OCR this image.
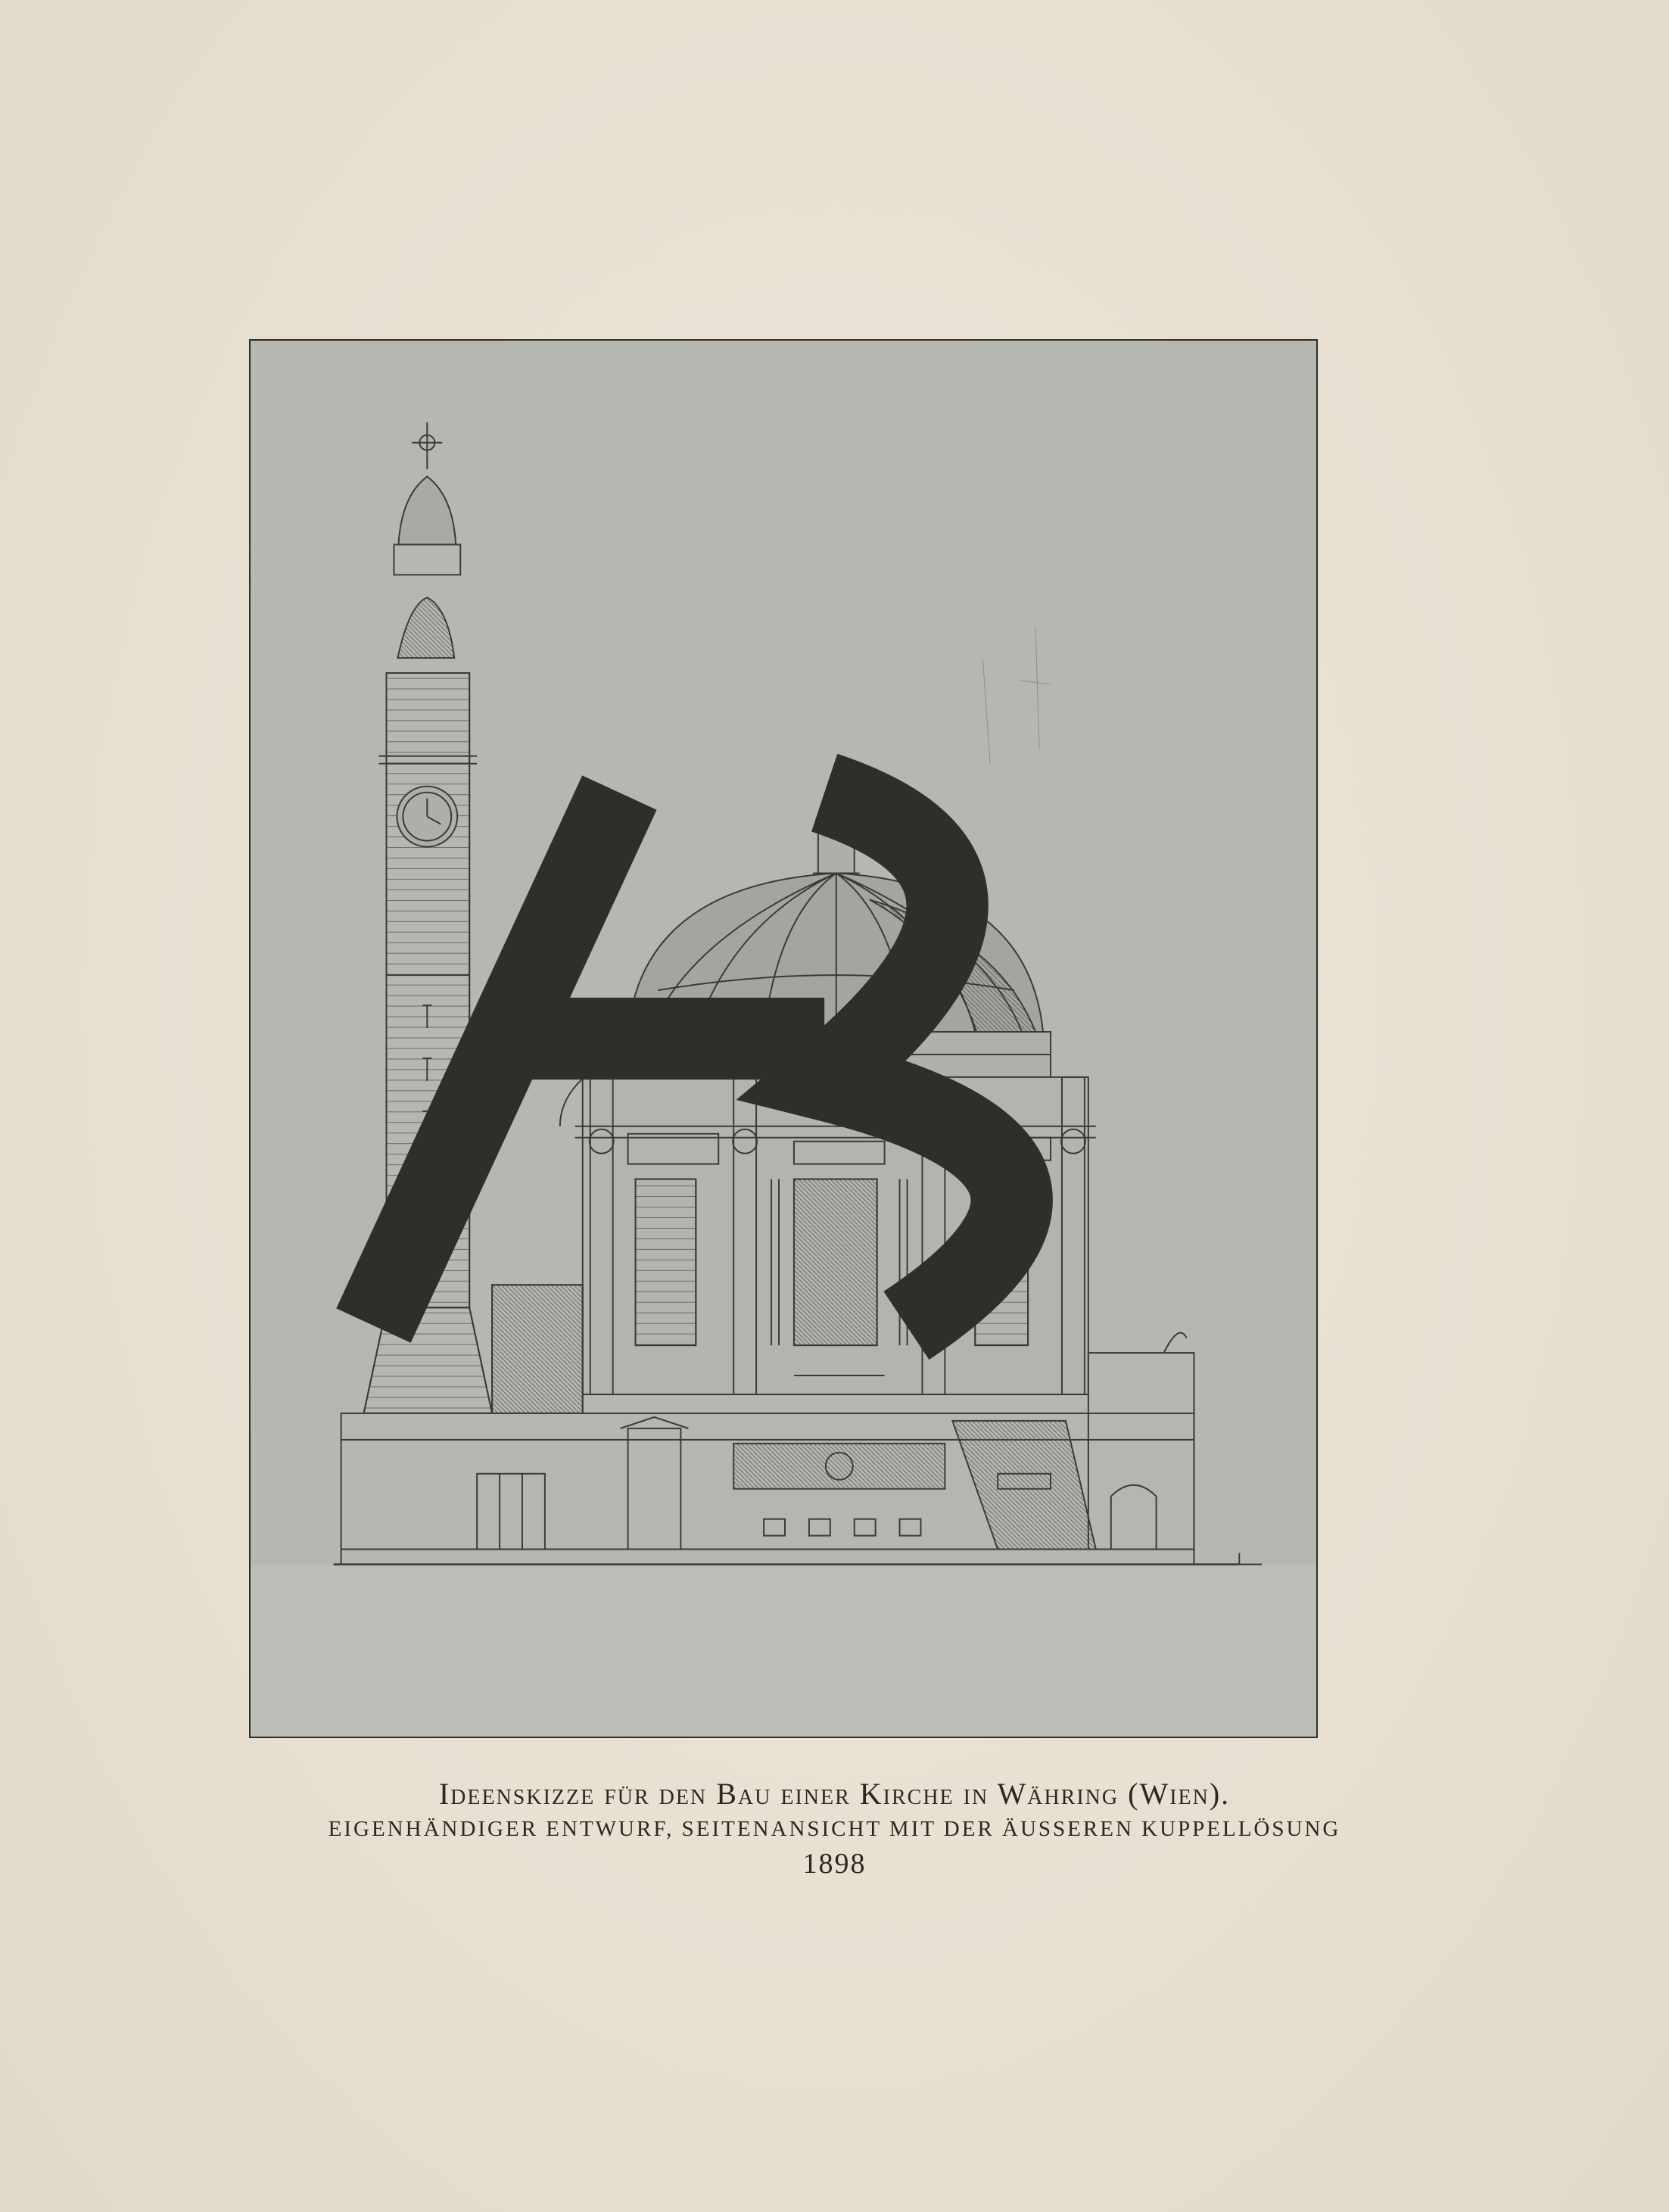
Ideenskizze für den Bau einer Kirche in Währing (Wien).
EIGENHÄNDIGER ENTWURF, SEITENANSICHT MIT DER ÄUSSEREN KUPPELLÖSUNG
1898
